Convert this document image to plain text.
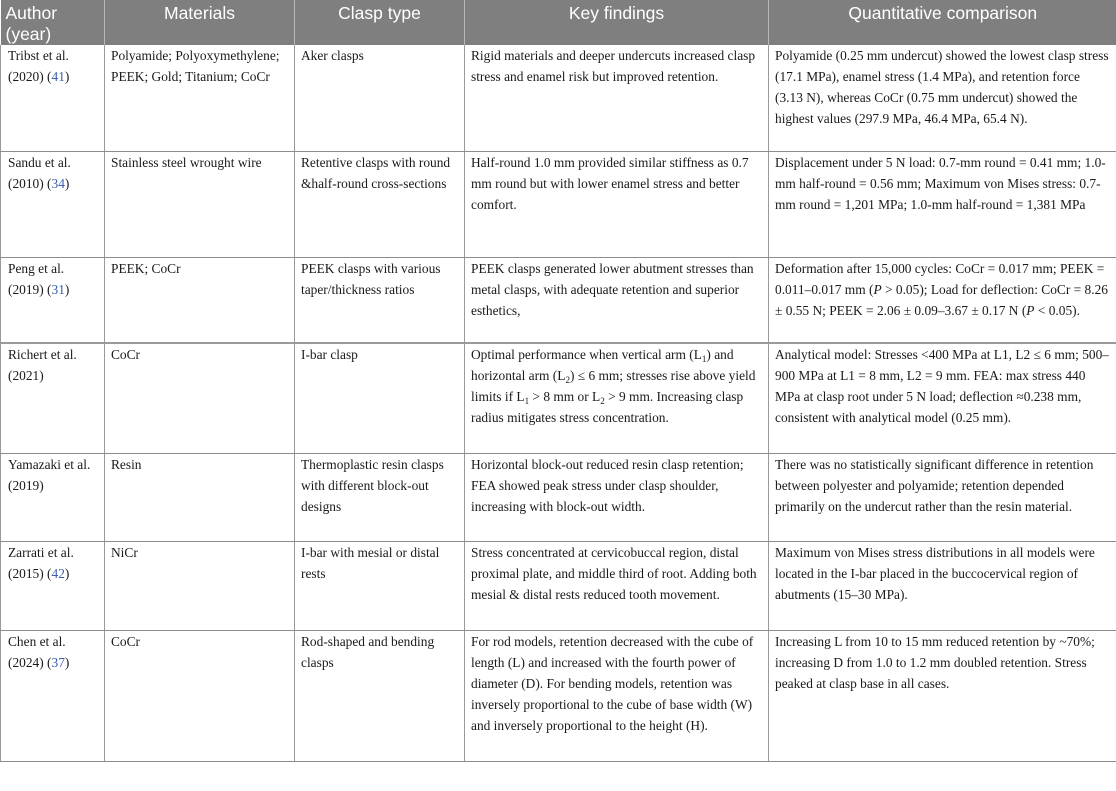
Author (year)	Materials	Clasp type	Key findings	Quantitative comparison
Tribst et al. (2020) (41)	Polyamide; Polyoxymethylene; PEEK; Gold; Titanium; CoCr	Aker clasps	Rigid materials and deeper undercuts increased clasp stress and enamel risk but improved retention.	Polyamide (0.25 mm undercut) showed the lowest clasp stress (17.1 MPa), enamel stress (1.4 MPa), and retention force (3.13 N), whereas CoCr (0.75 mm undercut) showed the highest values (297.9 MPa, 46.4 MPa, 65.4 N).
Sandu et al. (2010) (34)	Stainless steel wrought wire	Retentive clasps with round &half-round cross-sections	Half-round 1.0 mm provided similar stiffness as 0.7 mm round but with lower enamel stress and better comfort.	Displacement under 5 N load: 0.7-mm round = 0.41 mm; 1.0-mm half-round = 0.56 mm; Maximum von Mises stress: 0.7-mm round = 1,201 MPa; 1.0-mm half-round = 1,381 MPa
Peng et al. (2019) (31)	PEEK; CoCr	PEEK clasps with various taper/thickness ratios	PEEK clasps generated lower abutment stresses than metal clasps, with adequate retention and superior esthetics,	Deformation after 15,000 cycles: CoCr = 0.017 mm; PEEK = 0.011–0.017 mm (P > 0.05); Load for deflection: CoCr = 8.26 ± 0.55 N; PEEK = 2.06 ± 0.09–3.67 ± 0.17 N (P < 0.05).
Richert et al. (2021)	CoCr	I-bar clasp	Optimal performance when vertical arm $(L_1)$ and horizontal arm $(L_2) \le 6$ mm; stresses rise above yield limits if $L_1 > 8$ mm or $L_2 > 9$ mm. Increasing clasp radius mitigates stress concentration.	Analytical model: Stresses <400 MPa at L1, L2 ≤ 6 mm; 500–900 MPa at L1 = 8 mm, L2 = 9 mm. FEA: max stress 440 MPa at clasp root under 5 N load; deflection ≈0.238 mm, consistent with analytical model (0.25 mm).
Yamazaki et al. (2019)	Resin	Thermoplastic resin clasps with different block-out designs	Horizontal block-out reduced resin clasp retention; FEA showed peak stress under clasp shoulder, increasing with block-out width.	There was no statistically significant difference in retention between polyester and polyamide; retention depended primarily on the undercut rather than the resin material.
Zarrati et al. (2015) (42)	NiCr	I-bar with mesial or distal rests	Stress concentrated at cervicobuccal region, distal proximal plate, and middle third of root. Adding both mesial & distal rests reduced tooth movement.	Maximum von Mises stress distributions in all models were located in the I-bar placed in the buccocervical region of abutments (15–30 MPa).
Chen et al. (2024) (37)	CoCr	Rod-shaped and bending clasps	For rod models, retention decreased with the cube of length (L) and increased with the fourth power of diameter (D). For bending models, retention was inversely proportional to the cube of base width (W) and inversely proportional to the height (H).	Increasing L from 10 to 15 mm reduced retention by ~70%; increasing D from 1.0 to 1.2 mm doubled retention. Stress peaked at clasp base in all cases.
